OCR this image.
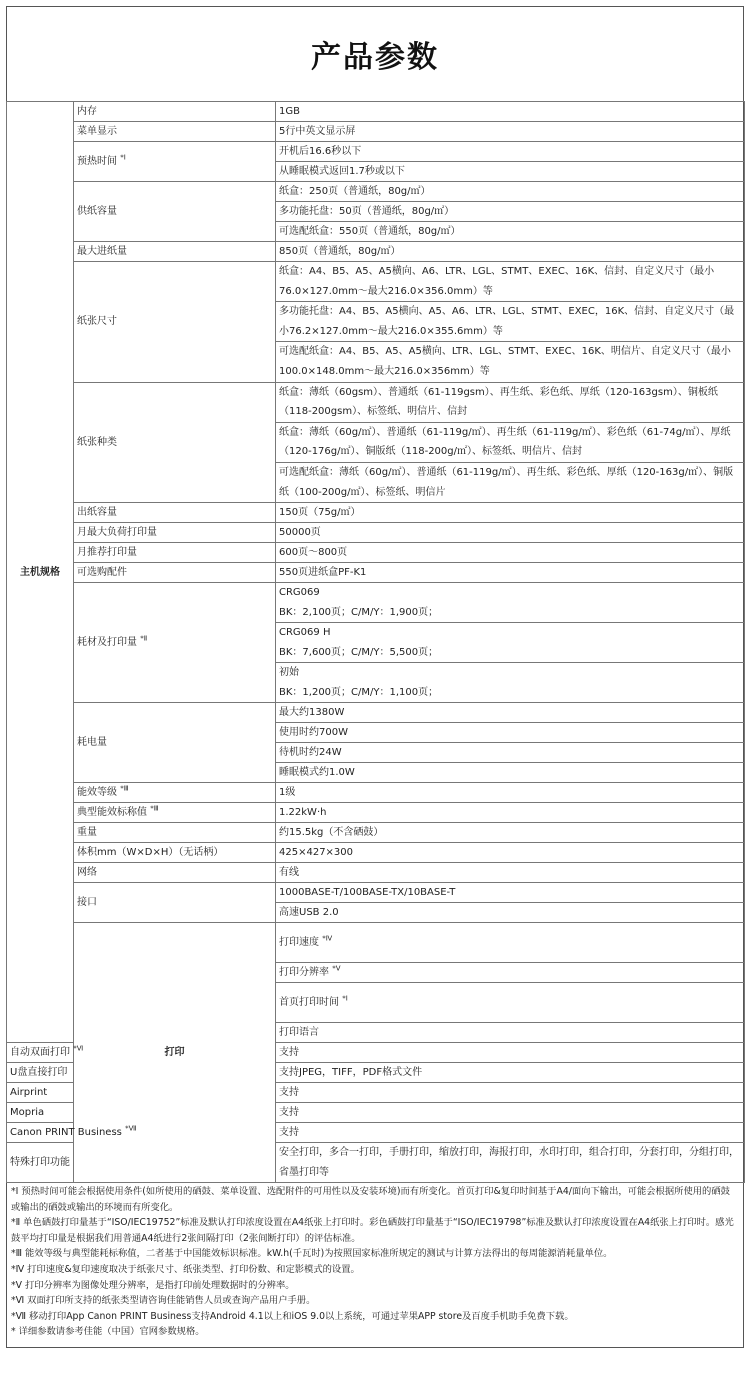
产品参数
主机规格	内存	1GB	
	菜单显示	5行中英文显示屏	
	预热时间 $^{*Ⅰ}$	开机后16.6秒以下	
		从睡眠模式返回1.7秒或以下	
	供纸容量	纸盒：250页（普通纸，80g/㎡）	
		多功能托盘：50页（普通纸，80g/㎡）	
		可选配纸盒：550页（普通纸，80g/㎡）	
	最大进纸量	850页（普通纸，80g/㎡）	
	纸张尺寸	纸盒：A4、B5、A5、A5横向、A6、LTR、LGL、STMT、EXEC、16K、信封、自定义尺寸（最小76.0×127.0mm～最大216.0×356.0mm）等	
		多功能托盘：A4、B5、A5横向、A5、A6、LTR、LGL、STMT、EXEC，16K、信封、自定义尺寸（最小76.2×127.0mm～最大216.0×355.6mm）等	
		可选配纸盒：A4、B5、A5、A5横向、LTR、LGL、STMT、EXEC、16K、明信片、自定义尺寸（最小100.0×148.0mm～最大216.0×356mm）等	
	纸张种类	纸盒：薄纸（60gsm）、普通纸（61-119gsm）、再生纸、彩色纸、厚纸（120-163gsm）、铜板纸（118-200gsm）、标签纸、明信片、信封	
		纸盒：薄纸（60g/㎡）、普通纸（61-119g/㎡）、再生纸（61-119g/㎡）、彩色纸（61-74g/㎡）、厚纸（120-176g/㎡）、铜版纸（118-200g/㎡）、标签纸、明信片、信封	
		可选配纸盒：薄纸（60g/㎡）、普通纸（61-119g/㎡）、再生纸、彩色纸、厚纸（120-163g/㎡）、铜版纸（100-200g/㎡）、标签纸、明信片	
	出纸容量	150页（75g/㎡）	
	月最大负荷打印量	50000页	
	月推荐打印量	600页～800页	
	可选购配件	550页进纸盒PF-K1	
	耗材及打印量 $^{*Ⅱ}$	CRG069	
		BK：2,100页；C/M/Y：1,900页；	
		CRG069 H	
		BK：7,600页；C/M/Y：5,500页；	
		初始	
		BK：1,200页；C/M/Y：1,100页；	
	耗电量	最大约1380W	
		使用时约700W	
		待机时约24W	
		睡眠模式约1.0W	
	能效等级 $^{*Ⅲ}$	1级	
	典型能效标称值 $^{*Ⅲ}$	1.22kW·h	
	重量	约15.5kg（不含硒鼓）	
	体积mm（W×D×H）（无话柄）	425×427×300	
	网络	有线	
	接口	1000BASE-T/100BASE-TX/10BASE-T	
		高速USB 2.0	
	打印	打印速度 $^{*Ⅳ}$	

		打印分辨率 $^{*Ⅴ}$	
		首页打印时间 $^{*Ⅰ}$	

		打印语言	
自动双面打印 $^{*Ⅵ}$		支持	
U盘直接打印		支持JPEG，TIFF，PDF格式文件	
Airprint		支持	
Mopria		支持	
Canon PRINT Business $^{*Ⅶ}$		支持	
特殊打印功能		安全打印，多合一打印，手册打印，缩放打印，海报打印，水印打印，组合打印，分套打印，分组打印，省墨打印等	
*Ⅰ 预热时间可能会根据使用条件(如所使用的硒鼓、菜单设置、选配附件的可用性以及安装环境)而有所变化。首页打印&复印时间基于A4/面向下输出，可能会根据所使用的硒鼓或输出的硒鼓或输出的环境而有所变化。
*Ⅱ 单色硒鼓打印量基于“ISO/IEC19752”标准及默认打印浓度设置在A4纸张上打印时。彩色硒鼓打印量基于“ISO/IEC19798”标准及默认打印浓度设置在A4纸张上打印时。感光鼓平均打印量是根据我们用普通A4纸进行2张间隔打印（2张间断打印）的评估标准。
*Ⅲ 能效等级与典型能耗标称值，二者基于中国能效标识标准。kW.h(千瓦时)为按照国家标准所规定的测试与计算方法得出的每周能源消耗量单位。
*Ⅳ 打印速度&复印速度取决于纸张尺寸、纸张类型、打印份数、和定影模式的设置。
*Ⅴ 打印分辨率为图像处理分辨率，是指打印前处理数据时的分辨率。
*Ⅵ 双面打印所支持的纸张类型请咨询佳能销售人员或查询产品用户手册。
*Ⅶ 移动打印App Canon PRINT Business支持Android 4.1以上和iOS 9.0以上系统，可通过苹果APP store及百度手机助手免费下载。
* 详细参数请参考佳能（中国）官网参数规格。
